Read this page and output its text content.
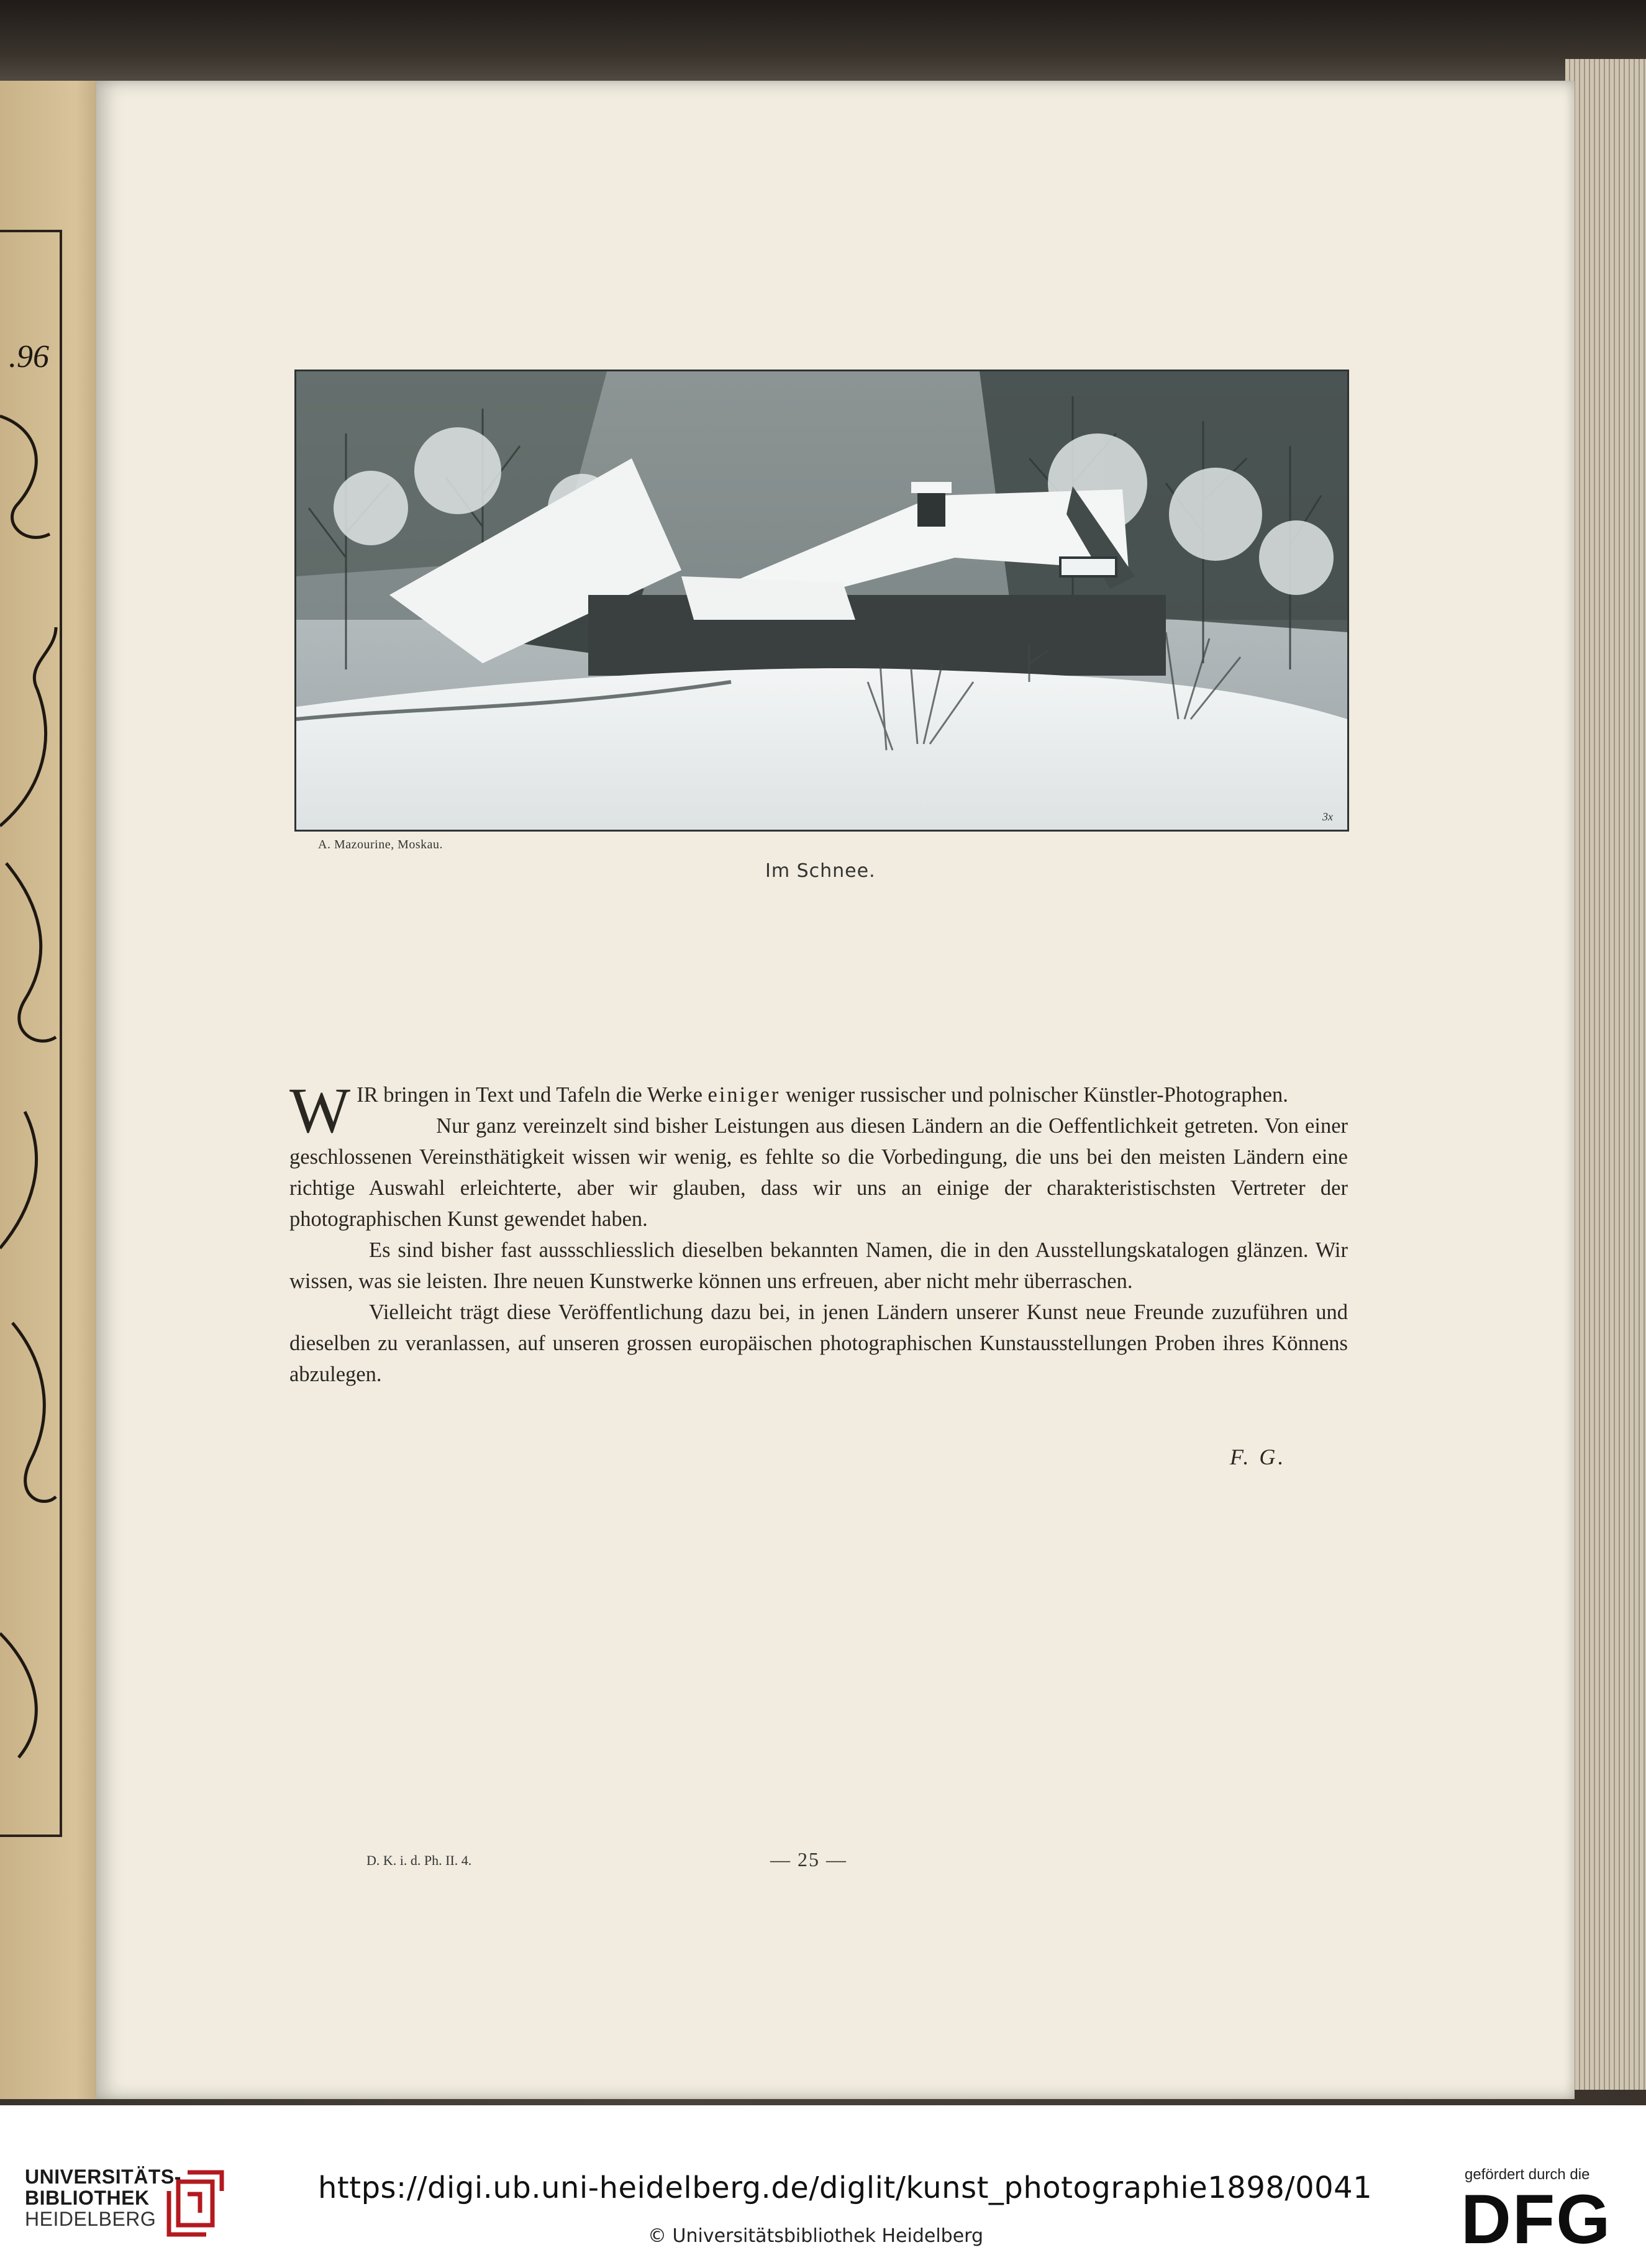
.96
3x
A. Mazourine, Moskau.
Im Schnee.

WIR bringen in Text und Tafeln die Werke einiger weniger russischer und polnischer Künstler-Photographen.

Nur ganz vereinzelt sind bisher Leistungen aus diesen Ländern an die Oeffentlichkeit getreten. Von einer geschlossenen Vereinsthätigkeit wissen wir wenig, es fehlte so die Vorbedingung, die uns bei den meisten Ländern eine richtige Auswahl erleichterte, aber wir glauben, dass wir uns an einige der charakteristischsten Vertreter der photographischen Kunst gewendet haben.

Es sind bisher fast aussschliesslich dieselben bekannten Namen, die in den Ausstellungskatalogen glänzen. Wir wissen, was sie leisten. Ihre neuen Kunstwerke können uns erfreuen, aber nicht mehr überraschen.

Vielleicht trägt diese Veröffentlichung dazu bei, in jenen Ländern unserer Kunst neue Freunde zuzuführen und dieselben zu veranlassen, auf unseren grossen europäischen photographischen Kunstausstellungen Proben ihres Könnens abzulegen.

F. G.
D. K. i. d. Ph. II. 4.	— 25 —
UNIVERSITÄTS-
BIBLIOTHEK
HEIDELBERG
https://digi.ub.uni-heidelberg.de/diglit/kunst_photographie1898/0041
© Universitätsbibliothek Heidelberg
gefördert durch die
DFG
